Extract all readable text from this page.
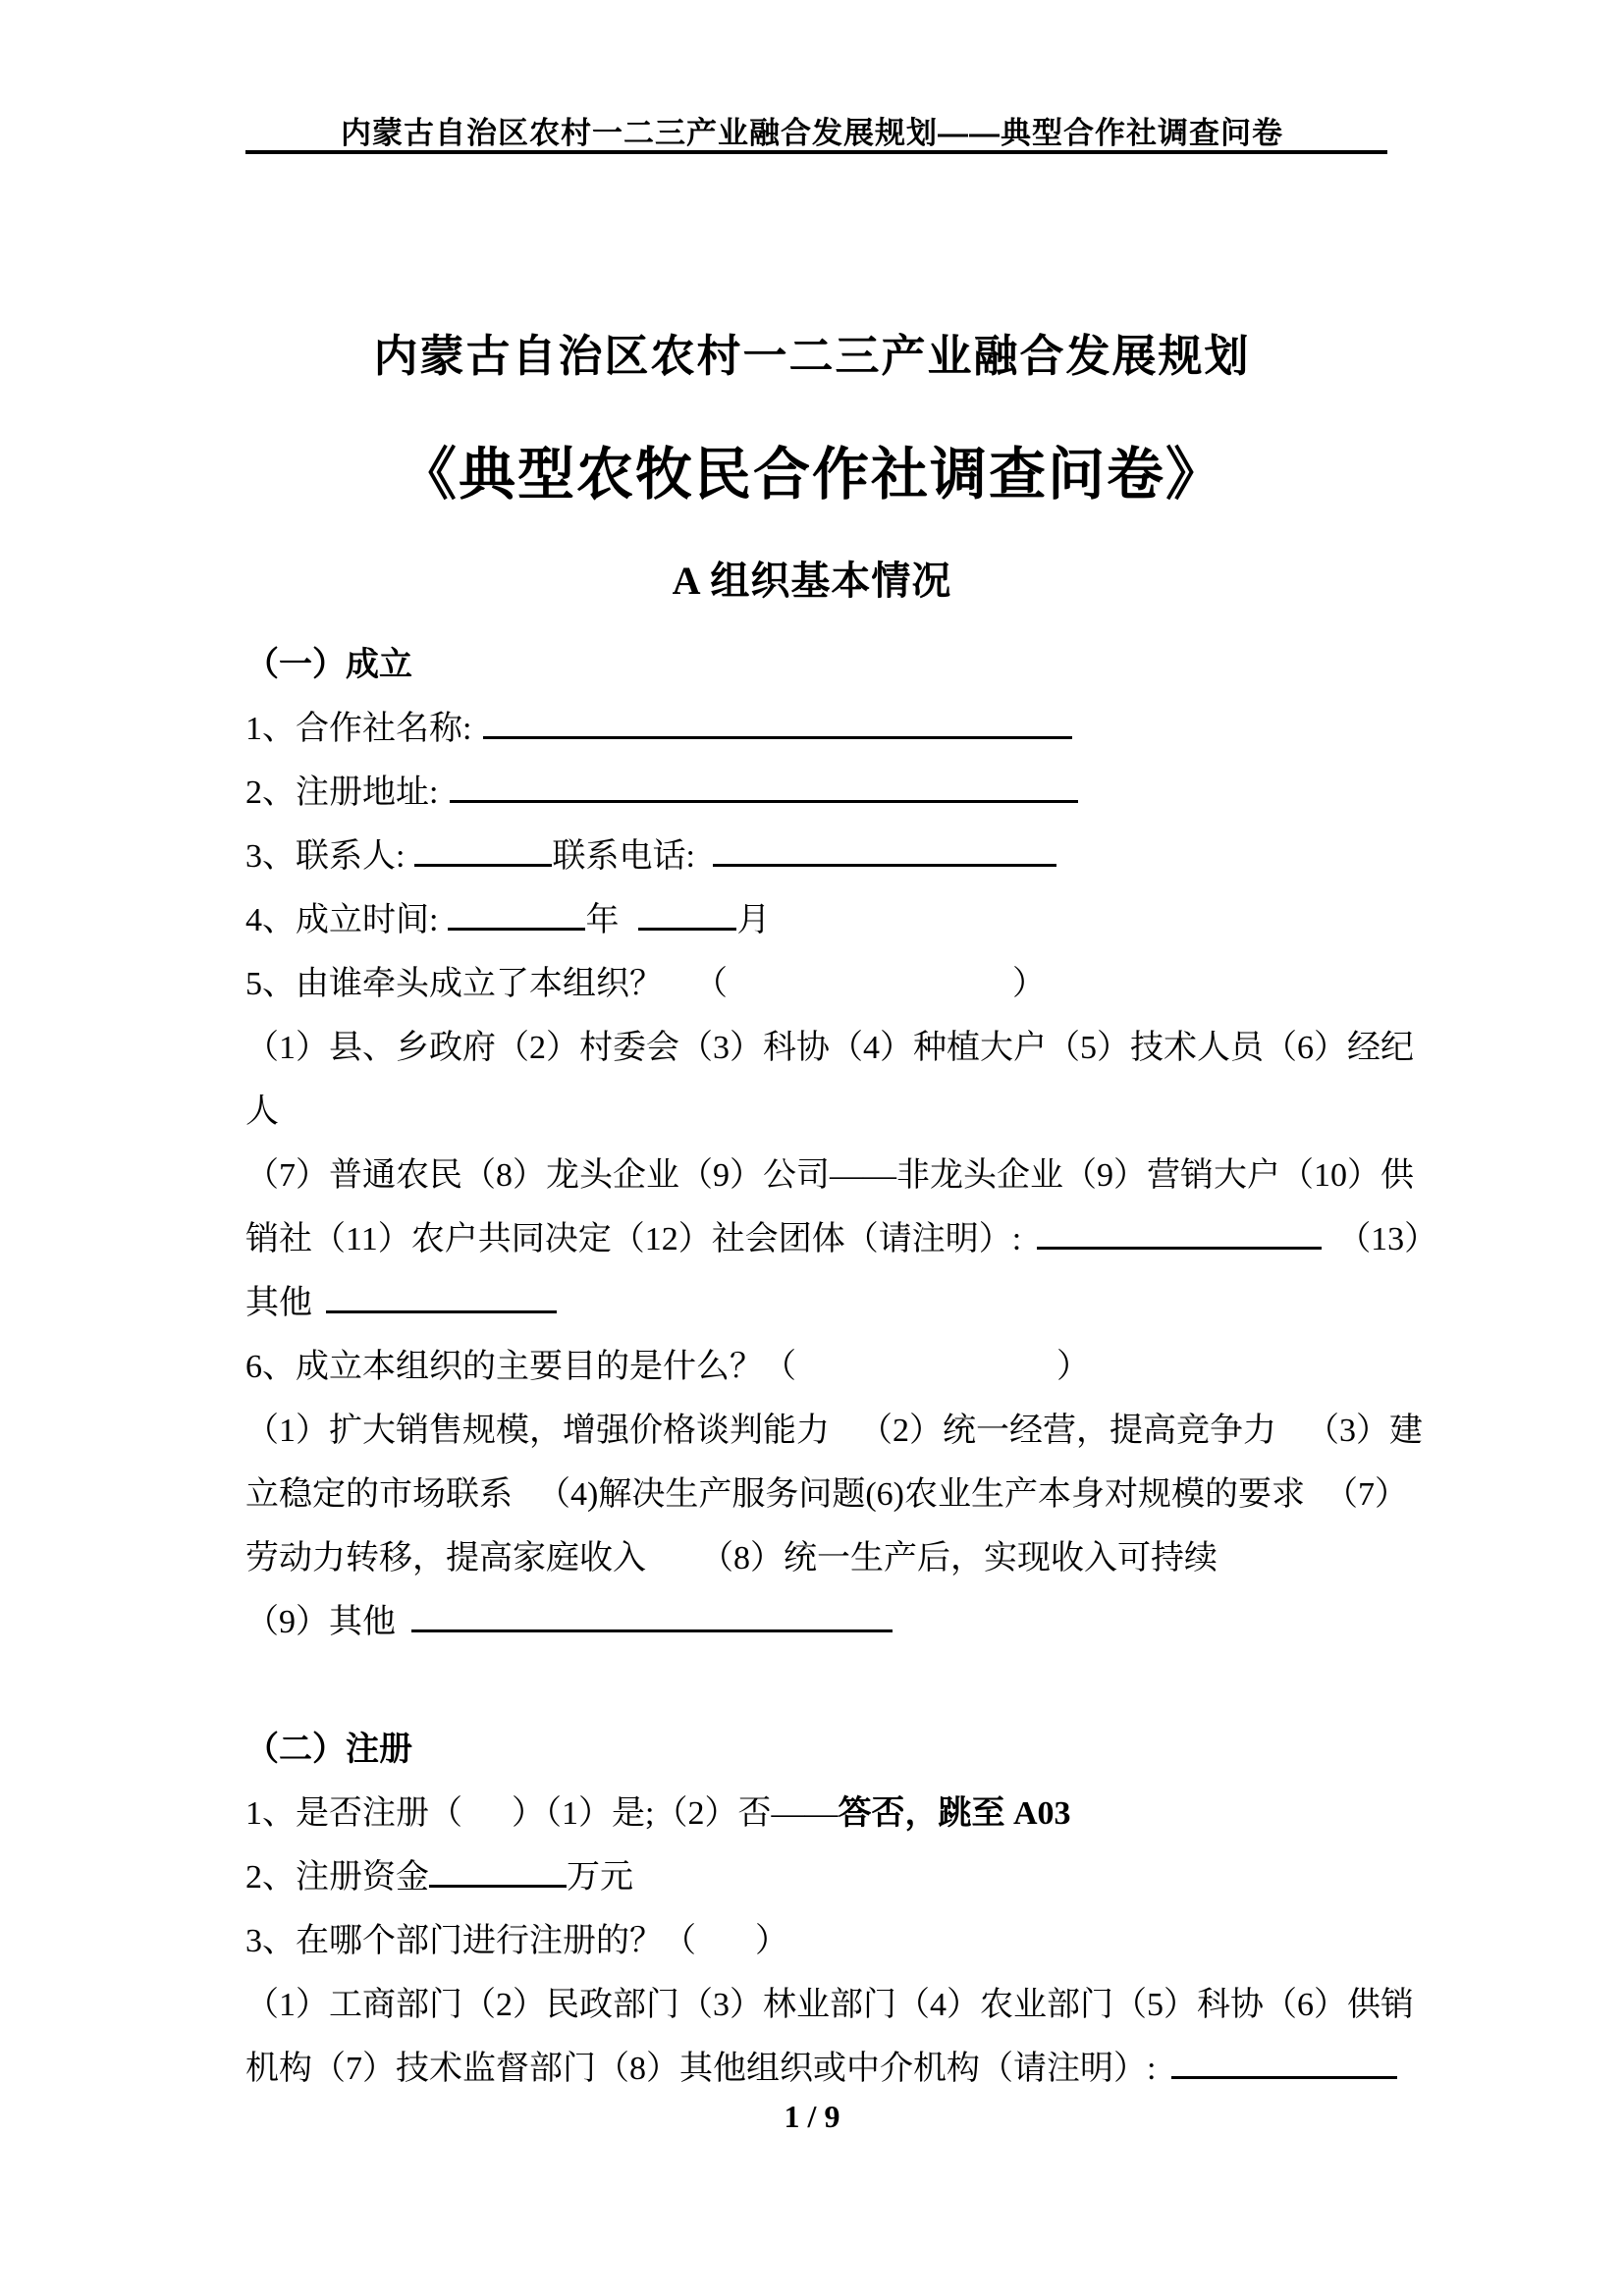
内蒙古自治区农村一二三产业融合发展规划——典型合作社调查问卷
内蒙古自治区农村一二三产业融合发展规划
《典型农牧民合作社调查问卷》
A 组织基本情况
（一）成立
1、合作社名称:
2、注册地址:
3、联系人:	联系电话:
4、成立时间:	年	月
5、由谁牵头成立了本组织？ （	）
（1）县、乡政府（2）村委会（3）科协（4）种植大户（5）技术人员（6）经纪
人
（7）普通农民（8）龙头企业（9）公司——非龙头企业（9）营销大户（10）供
销社（11）农户共同决定（12）社会团体（请注明）:	（13）
其他
6、成立本组织的主要目的是什么？（	）
（1）扩大销售规模，增强价格谈判能力 （2）统一经营，提高竞争力 （3）建
立稳定的市场联系 （4)解决生产服务问题(6)农业生产本身对规模的要求 （7）
劳动力转移，提高家庭收入 （8）统一生产后，实现收入可持续
（9）其他
（二）注册
1、是否注册（ ）（1）是;（2）否——答否，跳至 A03
2、注册资金	万元
3、在哪个部门进行注册的？（ ）
（1）工商部门（2）民政部门（3）林业部门（4）农业部门（5）科协（6）供销
机构（7）技术监督部门（8）其他组织或中介机构（请注明）:
1 / 9
